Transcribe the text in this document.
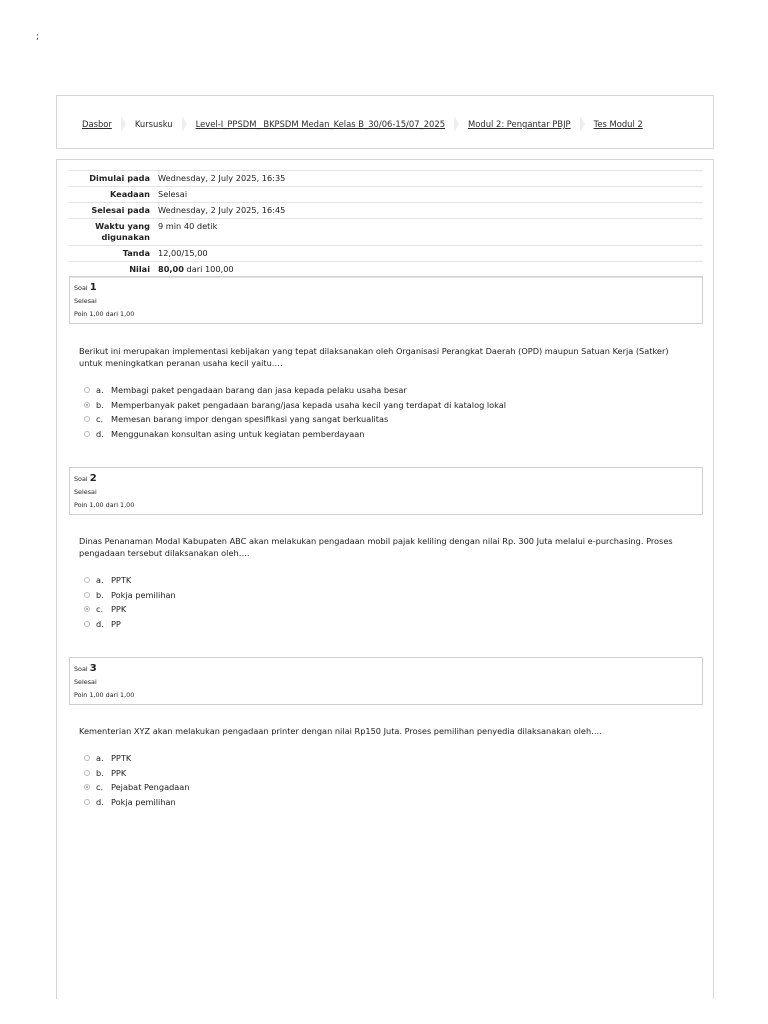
;
Dasbor	Kursusku	Level-I_PPSDM_ BKPSDM Medan_Kelas B_30/06-15/07_2025	Modul 2: Pengantar PBJP	Tes Modul 2
Dimulai pada	Wednesday, 2 July 2025, 16:35
Keadaan	Selesai
Selesai pada	Wednesday, 2 July 2025, 16:45
Waktu yang
digunakan	9 min 40 detik
Tanda	12,00/15,00
Nilai	80,00 dari 100,00
Soal 1
Selesai
Poin 1,00 dari 1,00
Berikut ini merupakan implementasi kebijakan yang tepat dilaksanakan oleh Organisasi Perangkat Daerah (OPD) maupun Satuan Kerja (Satker) untuk meningkatkan peranan usaha kecil yaitu….
a. Membagi paket pengadaan barang dan jasa kepada pelaku usaha besar
b. Memperbanyak paket pengadaan barang/jasa kepada usaha kecil yang terdapat di katalog lokal
c. Memesan barang impor dengan spesifikasi yang sangat berkualitas
d. Menggunakan konsultan asing untuk kegiatan pemberdayaan
Soal 2
Selesai
Poin 1,00 dari 1,00
Dinas Penanaman Modal Kabupaten ABC akan melakukan pengadaan mobil pajak keliling dengan nilai Rp. 300 Juta melalui e-purchasing. Proses pengadaan tersebut dilaksanakan oleh….
a. PPTK
b. Pokja pemilihan
c. PPK
d. PP
Soal 3
Selesai
Poin 1,00 dari 1,00
Kementerian XYZ akan melakukan pengadaan printer dengan nilai Rp150 Juta. Proses pemilihan penyedia dilaksanakan oleh….
a. PPTK
b. PPK
c. Pejabat Pengadaan
d. Pokja pemilihan
